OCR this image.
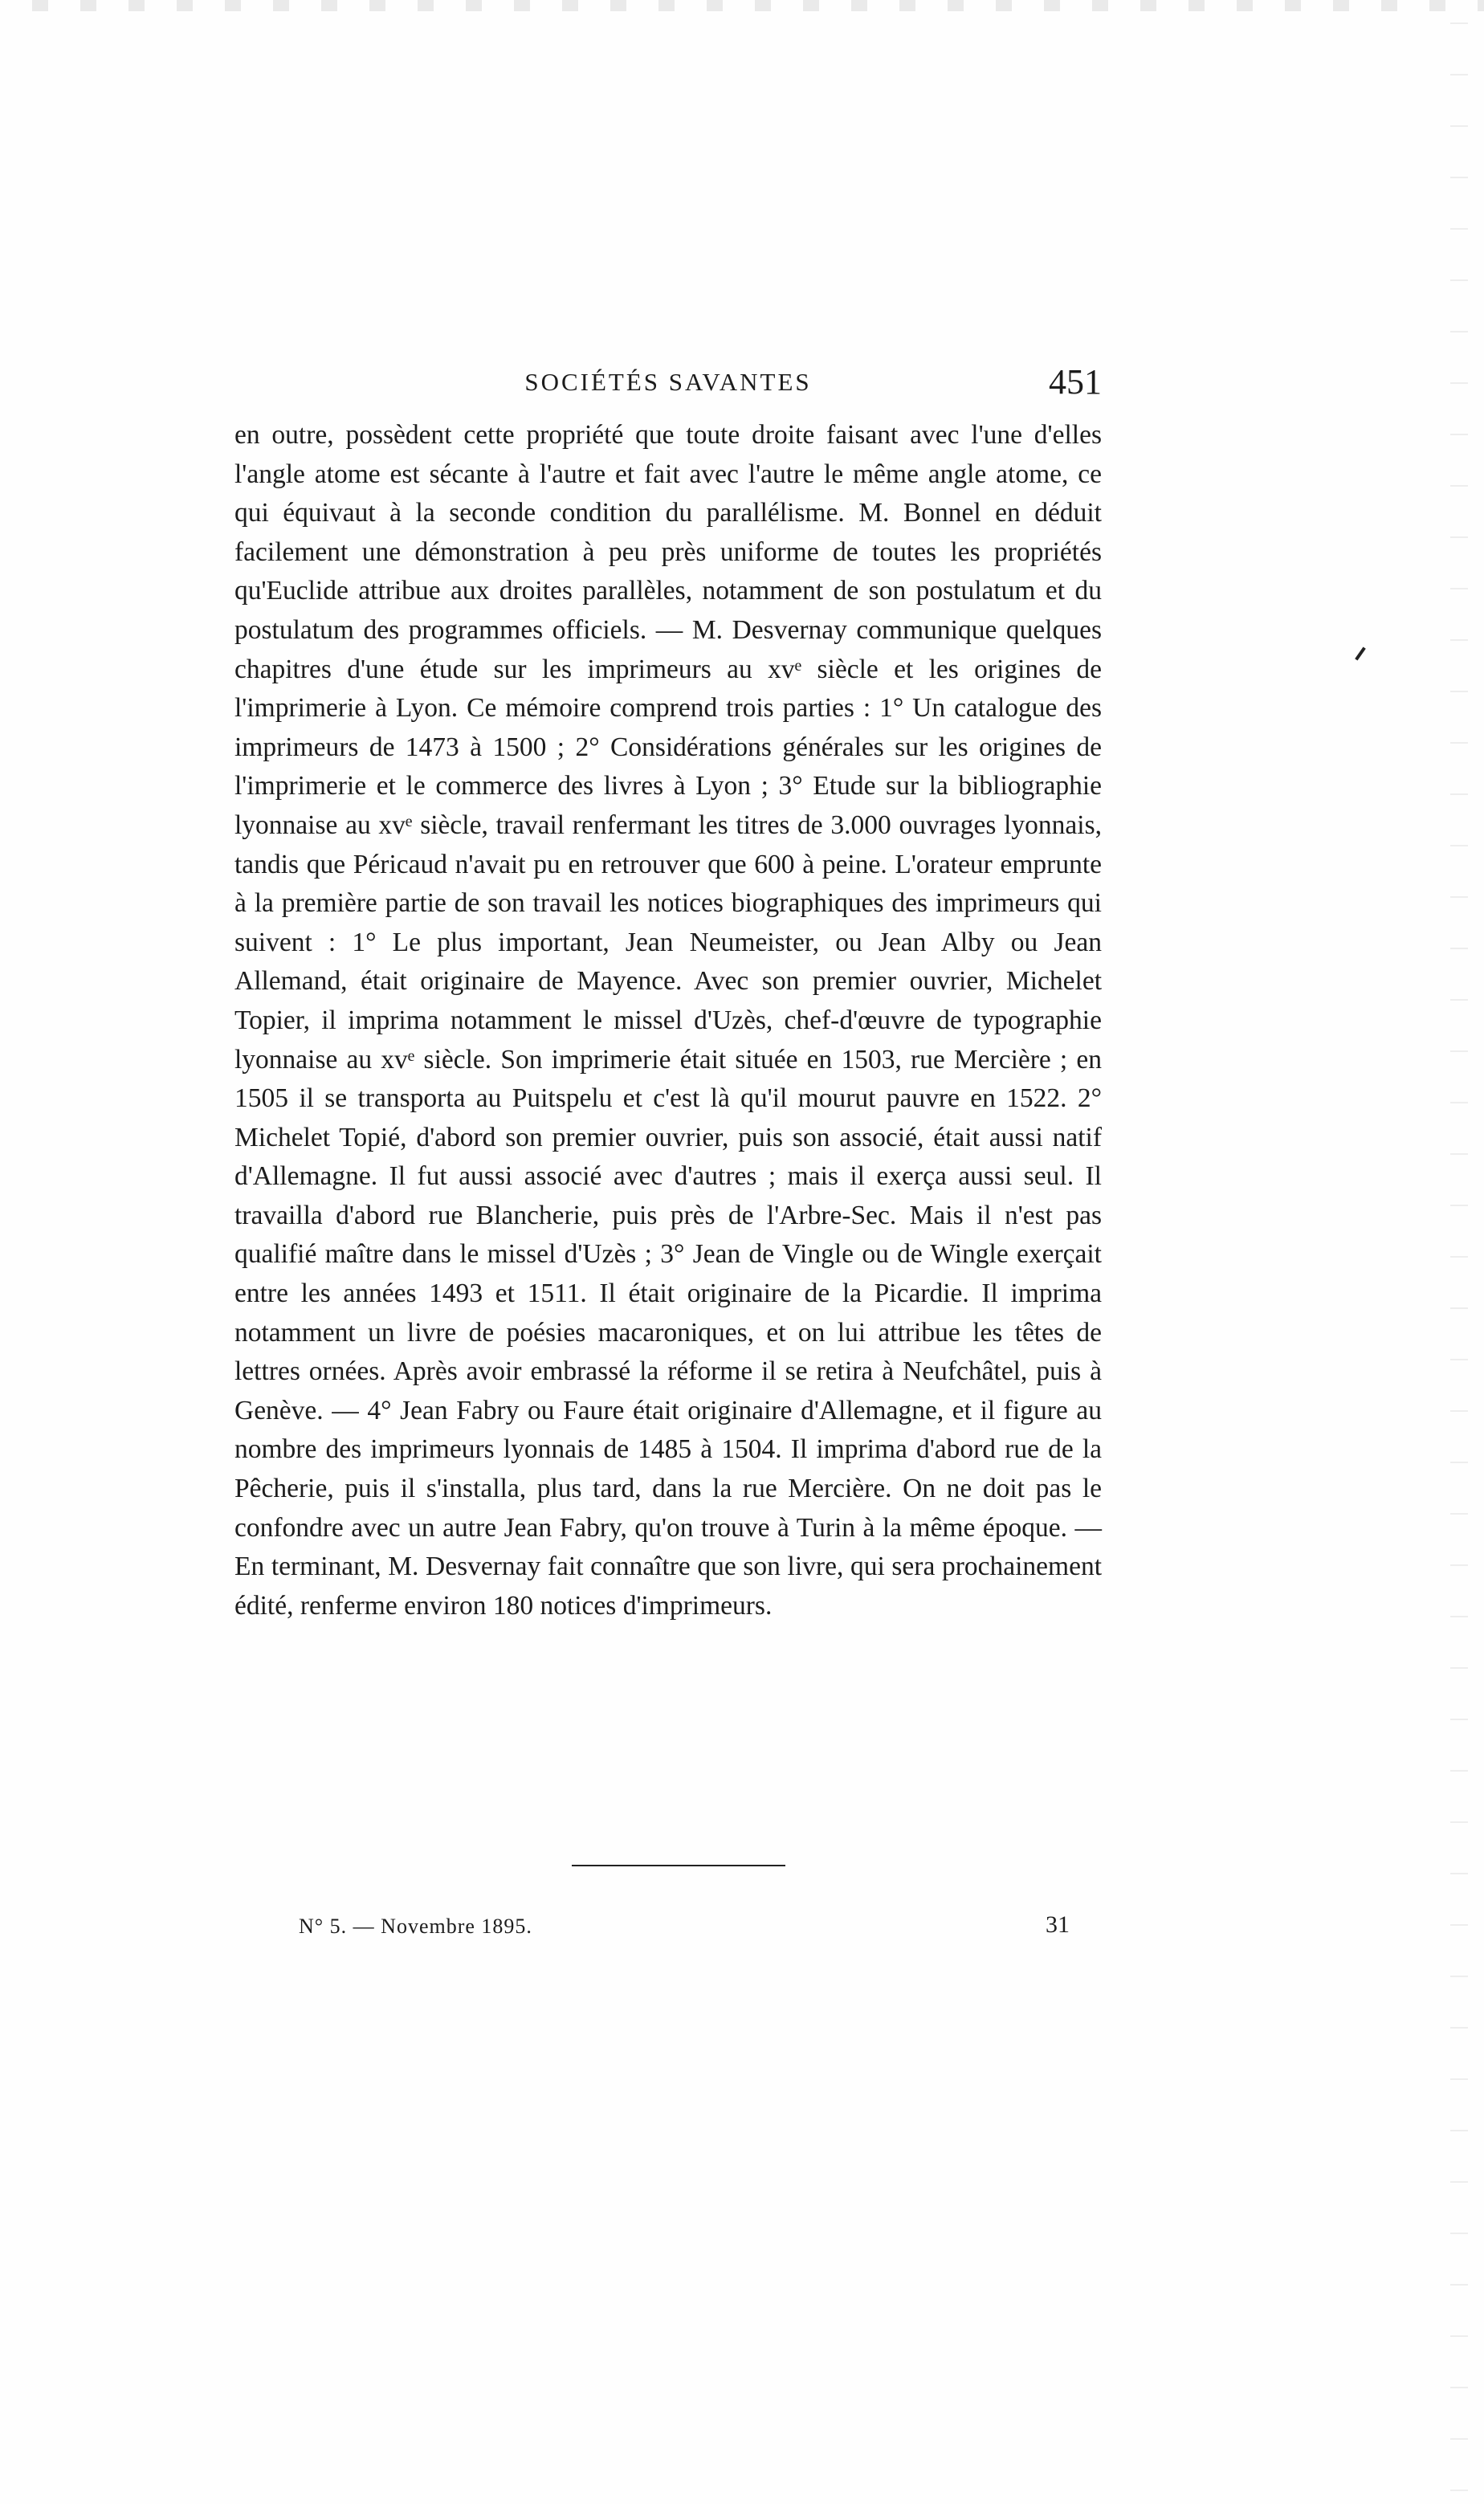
SOCIÉTÉS SAVANTES	451

en outre, possèdent cette propriété que toute droite faisant avec l'une d'elles l'angle atome est sécante à l'autre et fait avec l'autre le même angle atome, ce qui équivaut à la seconde condition du parallélisme. M. Bonnel en déduit facilement une démonstration à peu près uniforme de toutes les propriétés qu'Euclide attribue aux droites parallèles, notamment de son postulatum et du postulatum des programmes officiels. — M. Desvernay communique quelques chapitres d'une étude sur les imprimeurs au xvᵉ siècle et les origines de l'imprimerie à Lyon. Ce mémoire comprend trois parties : 1° Un catalogue des imprimeurs de 1473 à 1500 ; 2° Considérations générales sur les origines de l'imprimerie et le commerce des livres à Lyon ; 3° Etude sur la bibliographie lyonnaise au xvᵉ siècle, travail renfermant les titres de 3.000 ouvrages lyonnais, tandis que Péricaud n'avait pu en retrouver que 600 à peine. L'orateur emprunte à la première partie de son travail les notices biographiques des imprimeurs qui suivent : 1° Le plus important, Jean Neumeister, ou Jean Alby ou Jean Allemand, était originaire de Mayence. Avec son premier ouvrier, Michelet Topier, il imprima notamment le missel d'Uzès, chef-d'œuvre de typographie lyonnaise au xvᵉ siècle. Son imprimerie était située en 1503, rue Mercière ; en 1505 il se transporta au Puitspelu et c'est là qu'il mourut pauvre en 1522. 2° Michelet Topié, d'abord son premier ouvrier, puis son associé, était aussi natif d'Allemagne. Il fut aussi associé avec d'autres ; mais il exerça aussi seul. Il travailla d'abord rue Blancherie, puis près de l'Arbre-Sec. Mais il n'est pas qualifié maître dans le missel d'Uzès ; 3° Jean de Vingle ou de Wingle exerçait entre les années 1493 et 1511. Il était originaire de la Picardie. Il imprima notamment un livre de poésies macaroniques, et on lui attribue les têtes de lettres ornées. Après avoir embrassé la réforme il se retira à Neufchâtel, puis à Genève. — 4° Jean Fabry ou Faure était originaire d'Allemagne, et il figure au nombre des imprimeurs lyonnais de 1485 à 1504. Il imprima d'abord rue de la Pêcherie, puis il s'installa, plus tard, dans la rue Mercière. On ne doit pas le confondre avec un autre Jean Fabry, qu'on trouve à Turin à la même époque. — En terminant, M. Desvernay fait connaître que son livre, qui sera prochainement édité, renferme environ 180 notices d'imprimeurs.

N° 5. — Novembre 1895.	31
